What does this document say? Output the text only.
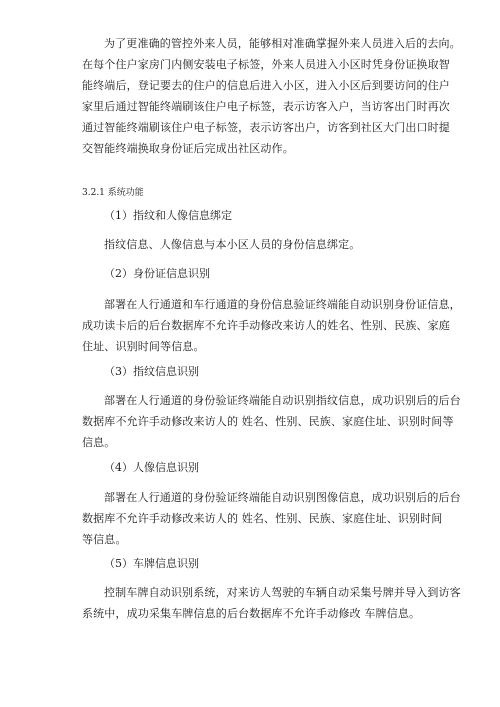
为了更准确的管控外来人员，能够相对准确掌握外来人员进入后的去向。
在每个住户家房门内侧安装电子标签，外来人员进入小区时凭身份证换取智
能终端后，登记要去的住户的信息后进入小区，进入小区后到要访问的住户
家里后通过智能终端刷该住户电子标签，表示访客入户，当访客出门时再次
通过智能终端刷该住户电子标签，表示访客出户，访客到社区大门出口时提
交智能终端换取身份证后完成出社区动作。
3.2.1 系统功能
（1）指纹和人像信息绑定
指纹信息、人像信息与本小区人员的身份信息绑定。
（2）身份证信息识别
部署在人行通道和车行通道的身份信息验证终端能自动识别身份证信息，
成功读卡后的后台数据库不允许手动修改来访人的姓名、性别、民族、家庭
住址、识别时间等信息。
（3）指纹信息识别
部署在人行通道的身份验证终端能自动识别指纹信息，成功识别后的后台
数据库不允许手动修改来访人的 姓名、性别、民族、家庭住址、识别时间等
信息。
（4）人像信息识别
部署在人行通道的身份验证终端能自动识别图像信息，成功识别后的后台
数据库不允许手动修改来访人的 姓名、性别、民族、家庭住址、识别时间
等信息。
（5）车牌信息识别
控制车牌自动识别系统，对来访人驾驶的车辆自动采集号牌并导入到访客
系统中，成功采集车牌信息的后台数据库不允许手动修改 车牌信息。
